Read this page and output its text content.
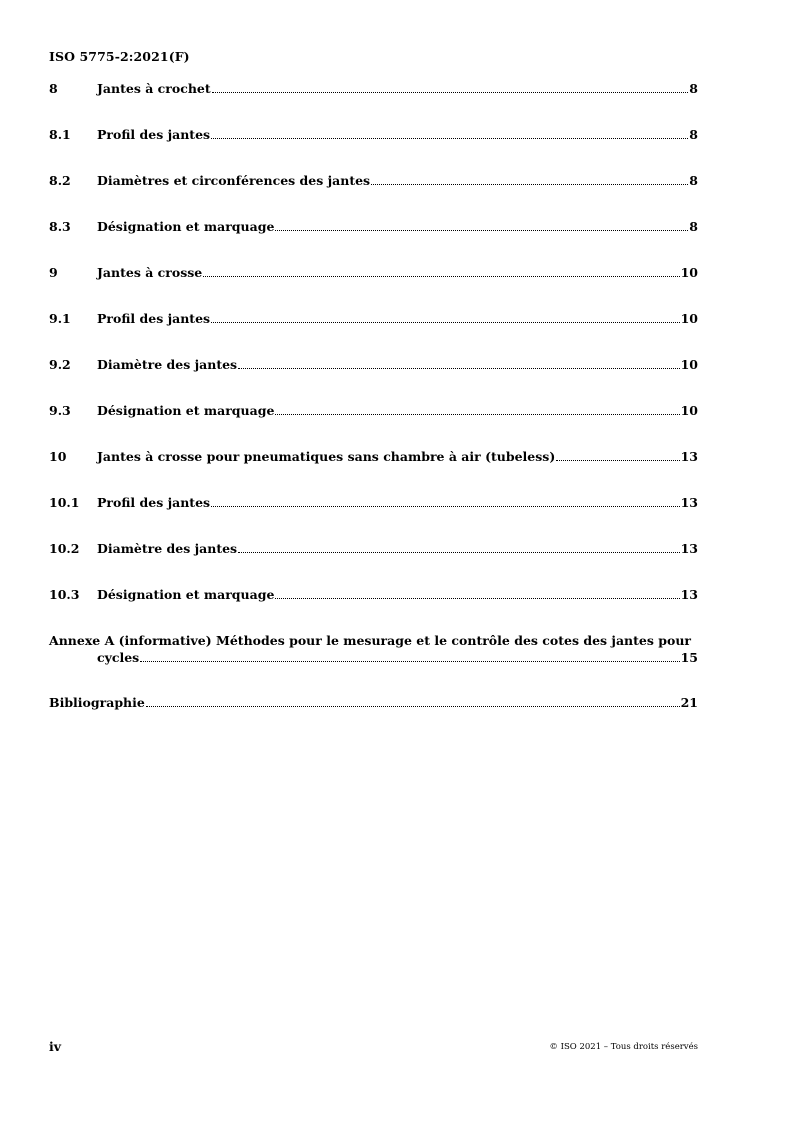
ISO 5775-2:2021(F)
8	Jantes à crochet	8
8.1	Profil des jantes	8
8.2	Diamètres et circonférences des jantes	8
8.3	Désignation et marquage	8
9	Jantes à crosse	10
9.1	Profil des jantes	10
9.2	Diamètre des jantes	10
9.3	Désignation et marquage	10
10	Jantes à crosse pour pneumatiques sans chambre à air (tubeless)	13
10.1	Profil des jantes	13
10.2	Diamètre des jantes	13
10.3	Désignation et marquage	13
Annexe A (informative) Méthodes pour le mesurage et le contrôle des cotes des jantes pour
cycles	15
Bibliographie	21
iv	© ISO 2021 – Tous droits réservés
